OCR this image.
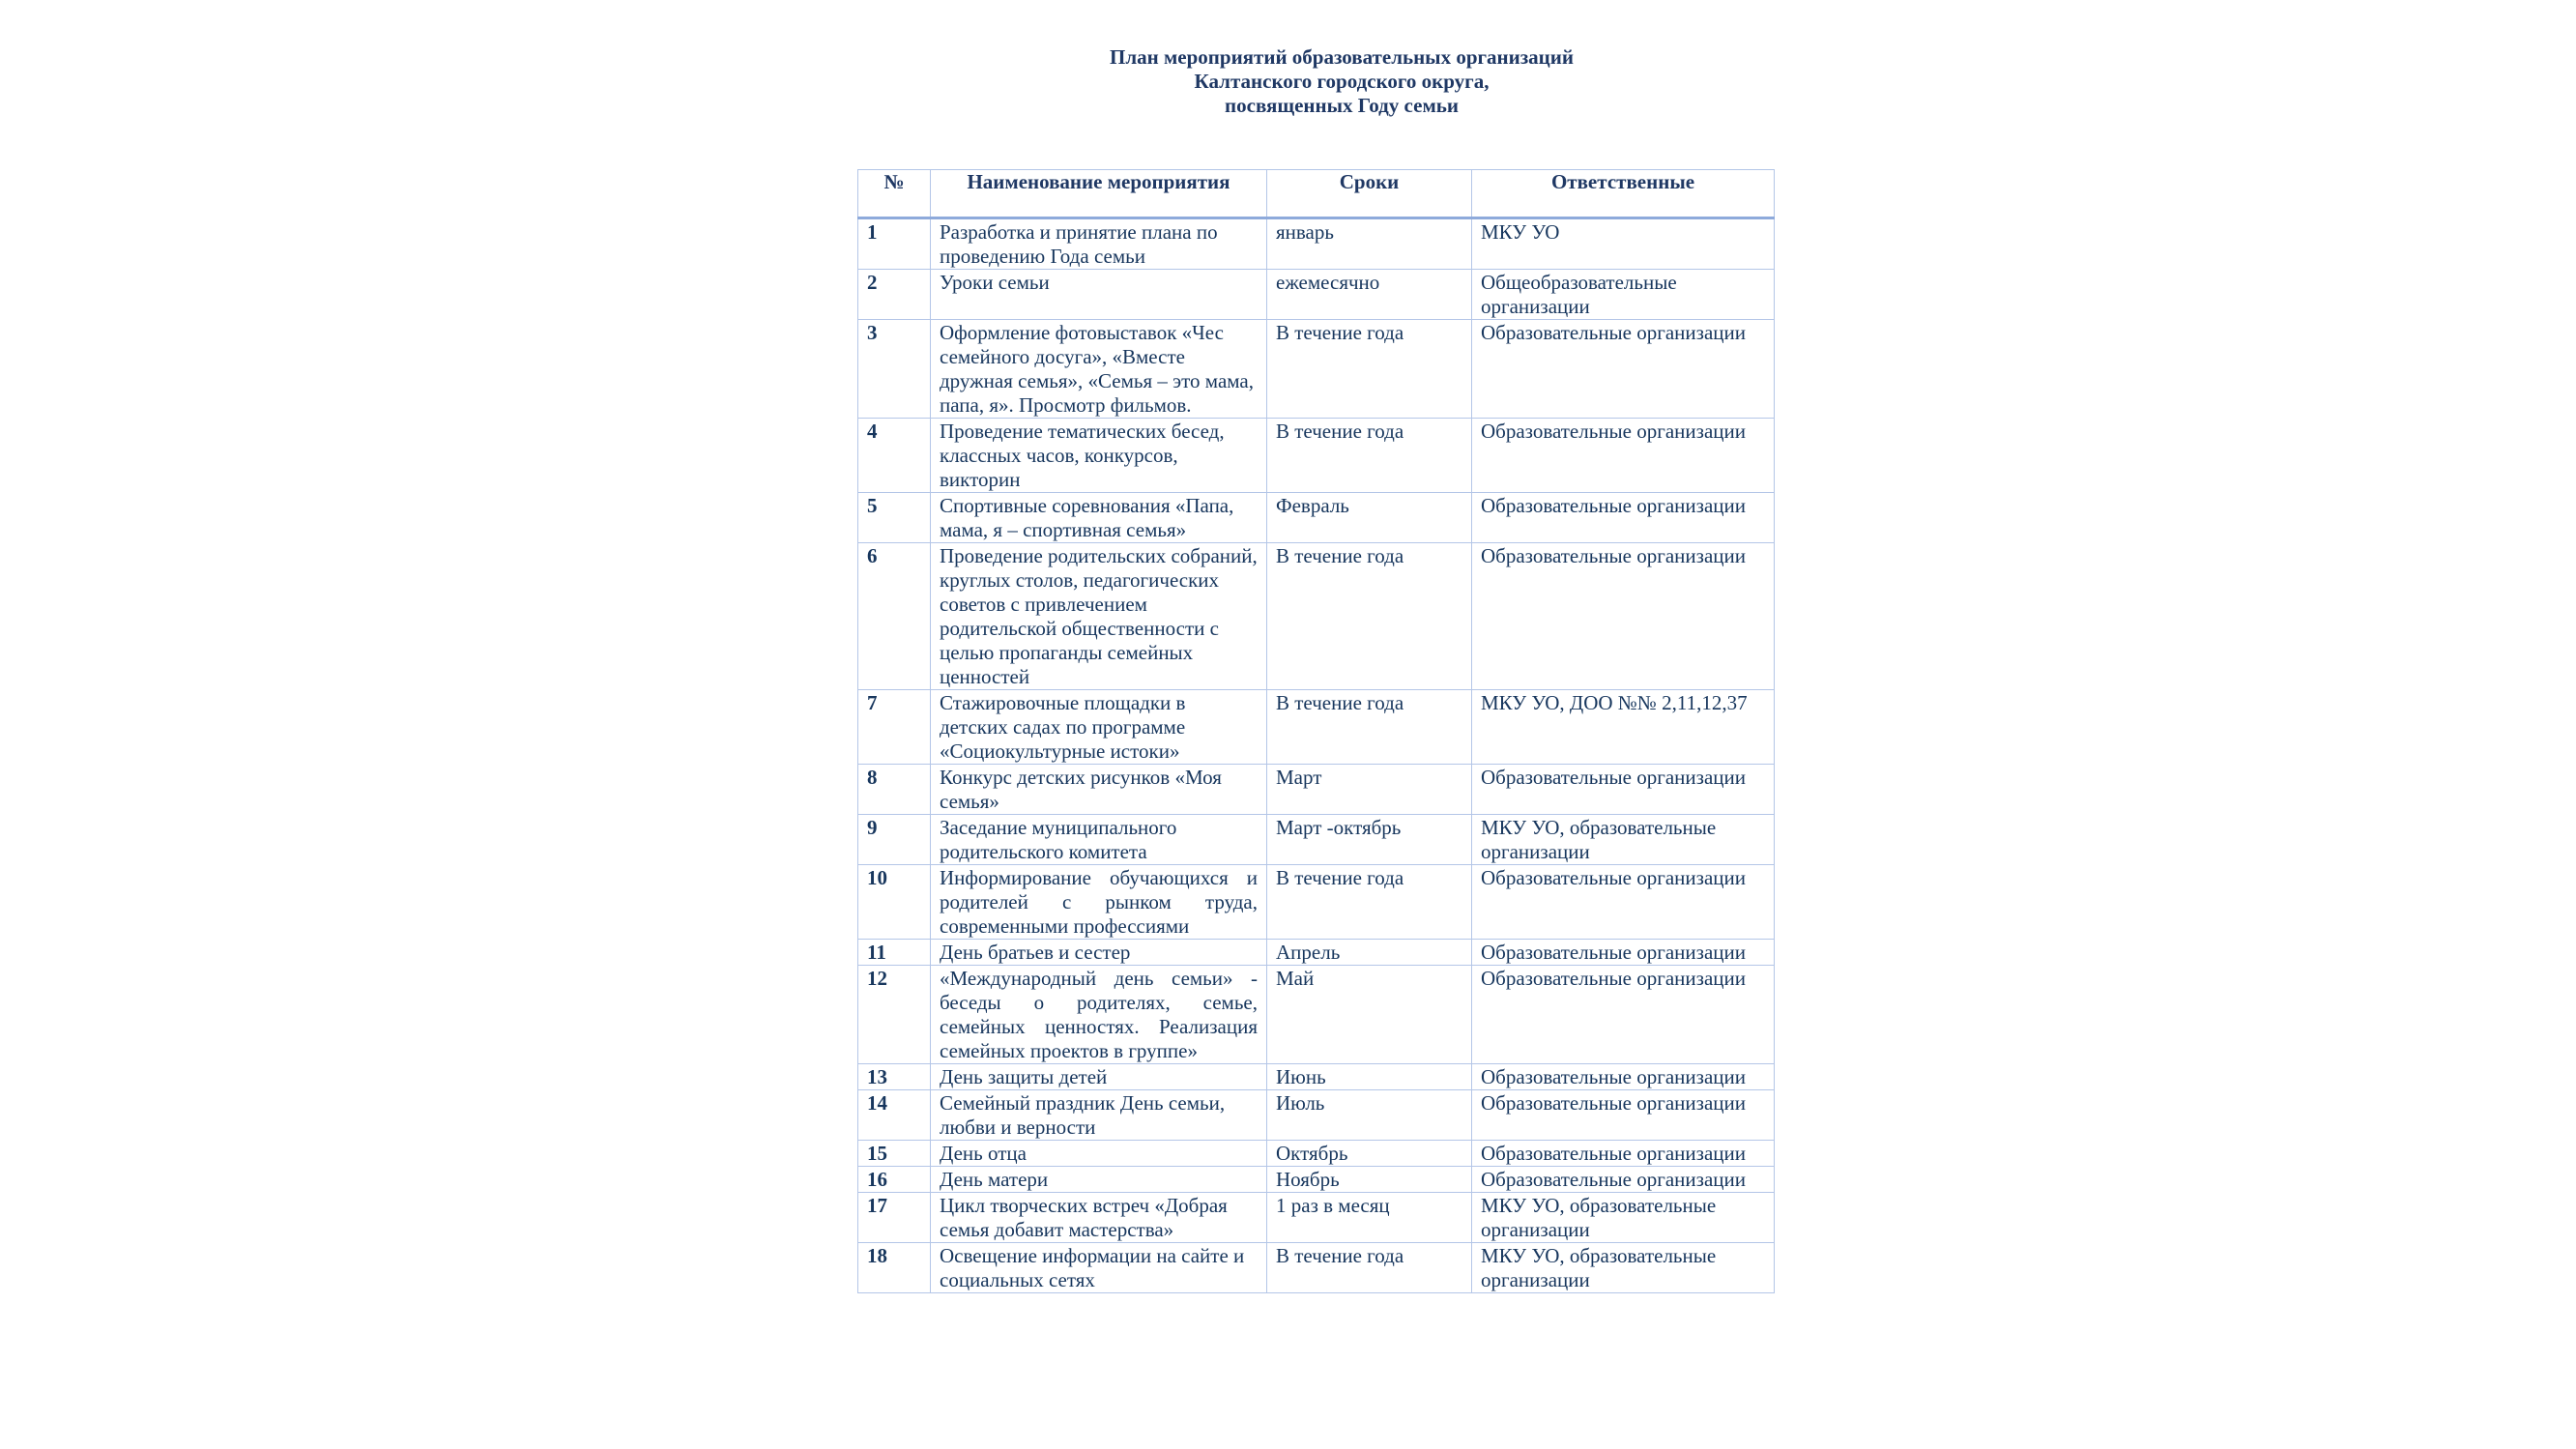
План мероприятий образовательных организаций
Калтанского городского округа,
посвященных Году семьи
№	Наименование мероприятия	Сроки	Ответственные
1	Разработка и принятие плана по проведению Года семьи	январь	МКУ УО
2	Уроки семьи	ежемесячно	Общеобразовательные организации
3	Оформление фотовыставок «Чес семейного досуга», «Вместе дружная семья», «Семья – это мама, папа, я». Просмотр фильмов.	В течение года	Образовательные организации
4	Проведение тематических бесед, классных часов, конкурсов, викторин	В течение года	Образовательные организации
5	Спортивные соревнования «Папа, мама, я – спортивная семья»	Февраль	Образовательные организации
6	Проведение родительских собраний, круглых столов, педагогических советов с привлечением родительской общественности с целью пропаганды семейных ценностей	В течение года	Образовательные организации
7	Стажировочные площадки в детских садах по программе «Социокультурные истоки»	В течение года	МКУ УО, ДОО №№ 2,11,12,37
8	Конкурс детских рисунков «Моя семья»	Март	Образовательные организации
9	Заседание муниципального родительского комитета	Март -октябрь	МКУ УО, образовательные организации
10	Информирование обучающихся и родителей с рынком труда, современными профессиями	В течение года	Образовательные организации
11	День братьев и сестер	Апрель	Образовательные организации
12	«Международный день семьи» - беседы о родителях, семье, семейных ценностях. Реализация семейных проектов в группе»	Май	Образовательные организации
13	День защиты детей	Июнь	Образовательные организации
14	Семейный праздник День семьи, любви и верности	Июль	Образовательные организации
15	День отца	Октябрь	Образовательные организации
16	День матери	Ноябрь	Образовательные организации
17	Цикл творческих встреч «Добрая семья добавит мастерства»	1 раз в месяц	МКУ УО, образовательные организации
18	Освещение информации на сайте и социальных сетях	В течение года	МКУ УО, образовательные организации
